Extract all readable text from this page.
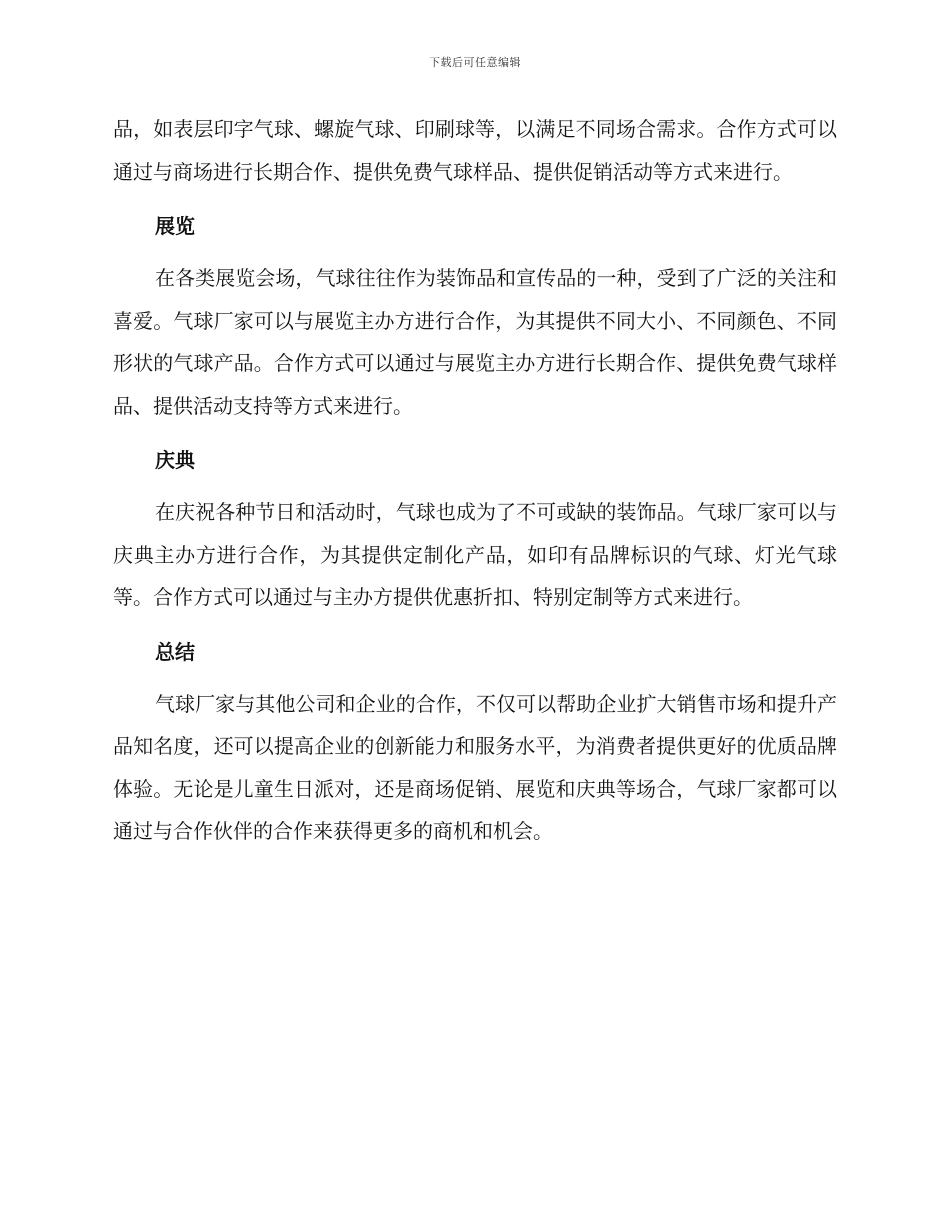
下载后可任意编辑

品，如表层印字气球、螺旋气球、印刷球等，以满足不同场合需求。合作方式可以通过与商场进行长期合作、提供免费气球样品、提供促销活动等方式来进行。

展览

在各类展览会场，气球往往作为装饰品和宣传品的一种，受到了广泛的关注和喜爱。气球厂家可以与展览主办方进行合作，为其提供不同大小、不同颜色、不同形状的气球产品。合作方式可以通过与展览主办方进行长期合作、提供免费气球样品、提供活动支持等方式来进行。

庆典

在庆祝各种节日和活动时，气球也成为了不可或缺的装饰品。气球厂家可以与庆典主办方进行合作，为其提供定制化产品，如印有品牌标识的气球、灯光气球等。合作方式可以通过与主办方提供优惠折扣、特别定制等方式来进行。

总结

气球厂家与其他公司和企业的合作，不仅可以帮助企业扩大销售市场和提升产品知名度，还可以提高企业的创新能力和服务水平，为消费者提供更好的优质品牌体验。无论是儿童生日派对，还是商场促销、展览和庆典等场合，气球厂家都可以通过与合作伙伴的合作来获得更多的商机和机会。
